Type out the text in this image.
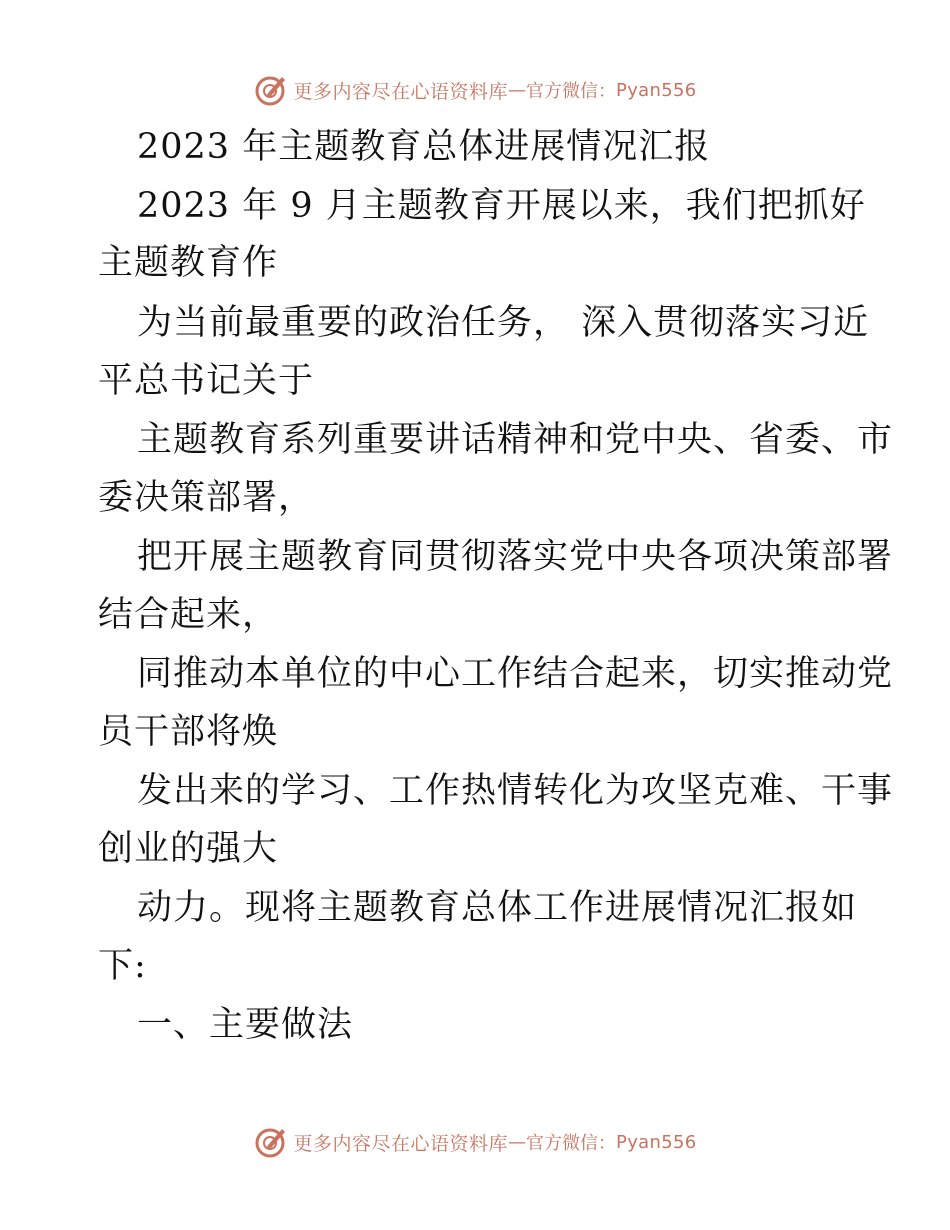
更多内容尽在心语资料库 — 官方微信： Pyan556
2023 年主题教育总体进展情况汇报
2023 年 9 月主题教育开展以来，我们把抓好
主题教育作
为当前最重要的政治任务， 深入贯彻落实习近
平总书记关于
主题教育系列重要讲话精神和党中央、省委、市
委决策部署，
把开展主题教育同贯彻落实党中央各项决策部署
结合起来，
同推动本单位的中心工作结合起来，切实推动党
员干部将焕
发出来的学习、工作热情转化为攻坚克难、干事
创业的强大
动力。现将主题教育总体工作进展情况汇报如
下:
一、主要做法
更多内容尽在心语资料库 — 官方微信： Pyan556
